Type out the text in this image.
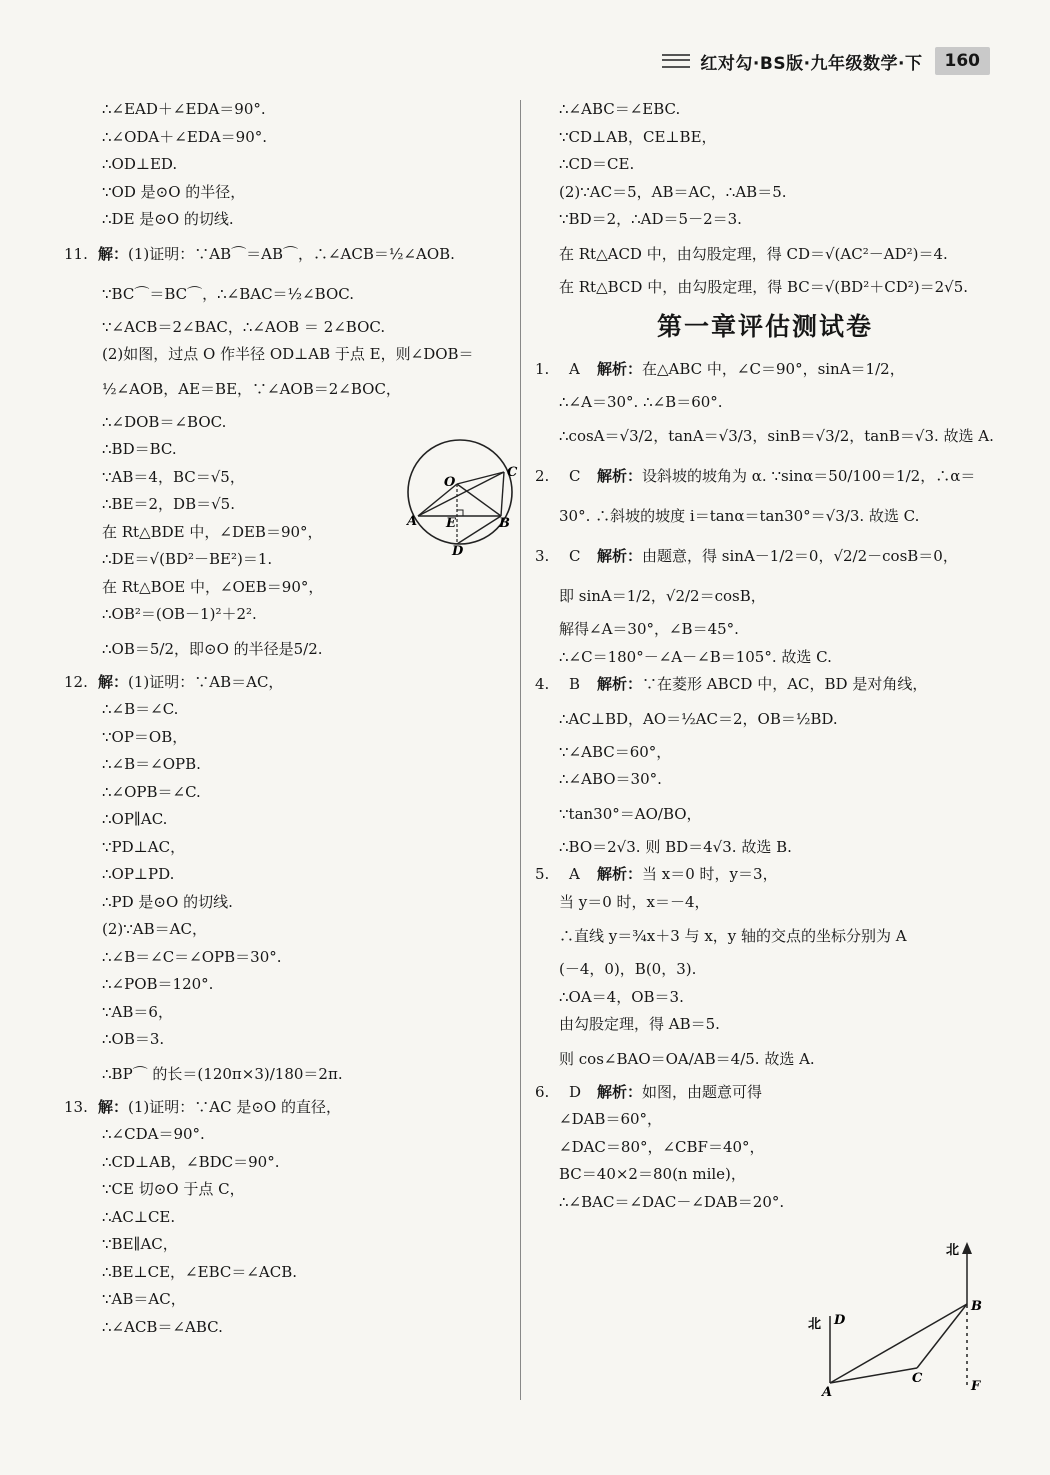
红对勾·BS版·九年级数学·下	160
∴∠EAD＋∠EDA＝90°.
∴∠ODA＋∠EDA＝90°.
∴OD⊥ED.
∵OD 是⊙O 的半径，
∴DE 是⊙O 的切线.
11. 解：(1)证明：∵AB⌒＝AB⌒，∴∠ACB＝½∠AOB.
∵BC⌒＝BC⌒，∴∠BAC＝½∠BOC.
∵∠ACB＝2∠BAC，∴∠AOB ＝ 2∠BOC.
(2)如图，过点 O 作半径 OD⊥AB 于点 E，则∠DOB＝
½∠AOB，AE＝BE，∵∠AOB＝2∠BOC，
∴∠DOB＝∠BOC.
∴BD＝BC.
∵AB＝4，BC＝√5，
∴BE＝2，DB＝√5.
在 Rt△BDE 中，∠DEB＝90°，
∴DE＝√(BD²－BE²)＝1.
在 Rt△BOE 中，∠OEB＝90°，
∴OB²＝(OB－1)²＋2².
∴OB＝5/2，即⊙O 的半径是5/2.
12. 解：(1)证明：∵AB＝AC，
∴∠B＝∠C.
∵OP＝OB，
∴∠B＝∠OPB.
∴∠OPB＝∠C.
∴OP∥AC.
∵PD⊥AC，
∴OP⊥PD.
∴PD 是⊙O 的切线.
(2)∵AB＝AC，
∴∠B＝∠C＝∠OPB＝30°.
∴∠POB＝120°.
∵AB＝6，
∴OB＝3.
∴BP⌒ 的长＝(120π×3)/180＝2π.
13. 解：(1)证明：∵AC 是⊙O 的直径，
∴∠CDA＝90°.
∴CD⊥AB，∠BDC＝90°.
∵CE 切⊙O 于点 C，
∴AC⊥CE.
∵BE∥AC，
∴BE⊥CE，∠EBC＝∠ACB.
∵AB＝AC，
∴∠ACB＝∠ABC.
O
C
A E	B
D
∴∠ABC＝∠EBC.
∵CD⊥AB，CE⊥BE，
∴CD＝CE.
(2)∵AC＝5，AB＝AC，∴AB＝5.
∵BD＝2，∴AD＝5－2＝3.
在 Rt△ACD 中，由勾股定理，得 CD＝√(AC²－AD²)＝4.
在 Rt△BCD 中，由勾股定理，得 BC＝√(BD²＋CD²)＝2√5.
第一章评估测试卷
1. A 解析：在△ABC 中，∠C＝90°，sinA＝1/2，
∴∠A＝30°. ∴∠B＝60°.
∴cosA＝√3/2，tanA＝√3/3，sinB＝√3/2，tanB＝√3. 故选 A.
2. C 解析：设斜坡的坡角为 α. ∵sinα＝50/100＝1/2，∴α＝
30°. ∴斜坡的坡度 i＝tanα＝tan30°＝√3/3. 故选 C.
3. C 解析：由题意，得 sinA－1/2＝0，√2/2－cosB＝0，
即 sinA＝1/2，√2/2＝cosB，
解得∠A＝30°，∠B＝45°.
∴∠C＝180°－∠A－∠B＝105°. 故选 C.
4. B 解析：∵在菱形 ABCD 中，AC，BD 是对角线，
∴AC⊥BD，AO＝½AC＝2，OB＝½BD.
∵∠ABC＝60°，
∴∠ABO＝30°.
∵tan30°＝AO/BO，
∴BO＝2√3. 则 BD＝4√3. 故选 B.
5. A 解析：当 x＝0 时，y＝3，
当 y＝0 时，x＝－4，
∴直线 y＝¾x＋3 与 x，y 轴的交点的坐标分别为 A
(－4，0)，B(0，3).
∴OA＝4，OB＝3.
由勾股定理，得 AB＝5.
则 cos∠BAO＝OA/AB＝4/5. 故选 A.
6. D 解析：如图，由题意可得
∠DAB＝60°，
∠DAC＝80°，∠CBF＝40°，
BC＝40×2＝80(n mile)，
∴∠BAC＝∠DAC－∠DAB＝20°.
北
北 D
B
C
A	F
